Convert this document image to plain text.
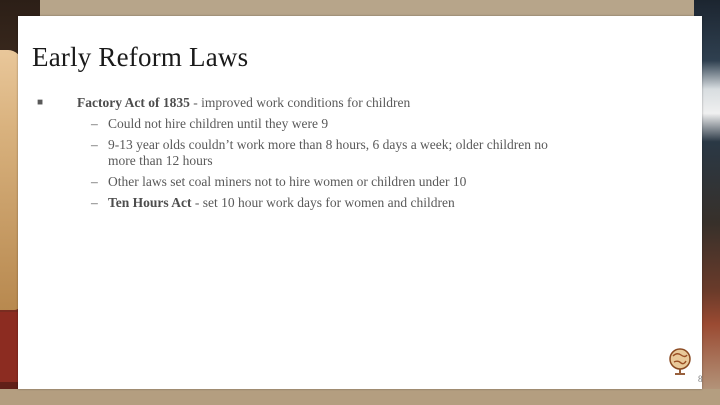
Early Reform Laws
■	Factory Act of 1835 - improved work conditions for children
– Could not hire children until they were 9
– 9-13 year olds couldn’t work more than 8 hours, 6 days a week; older children no more than 12 hours
– Other laws set coal miners not to hire women or children under 10
– Ten Hours Act - set 10 hour work days for women and children
8
